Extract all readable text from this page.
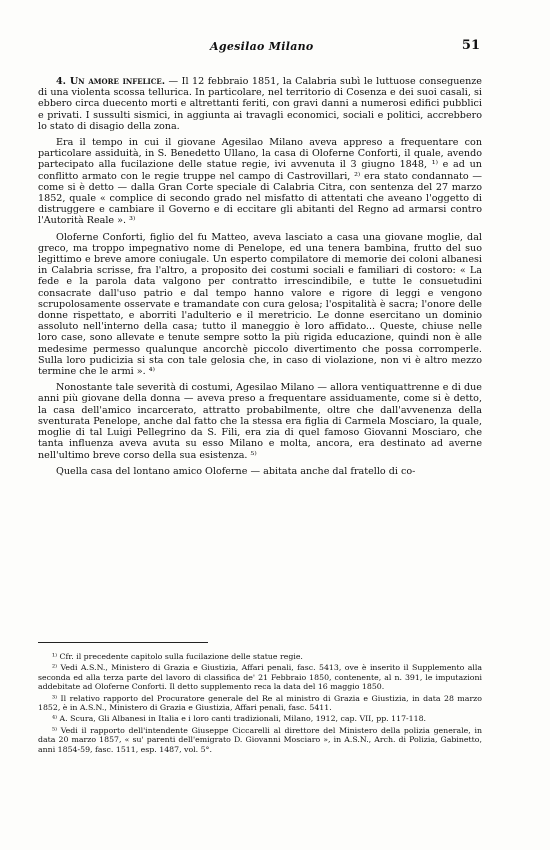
Agesilao Milano	51

4. Un amore infelice. — Il 12 febbraio 1851, la Calabria subì le luttuose conseguenze di una violenta scossa tellurica. In particolare, nel territorio di Cosenza e dei suoi casali, si ebbero circa duecento morti e altrettanti feriti, con gravi danni a numerosi edifici pubblici e privati. I sussulti sismici, in aggiunta ai travagli economici, sociali e politici, accrebbero lo stato di disagio della zona.

Era il tempo in cui il giovane Agesilao Milano aveva appreso a frequentare con particolare assiduità, in S. Benedetto Ullano, la casa di Oloferne Conforti, il quale, avendo partecipato alla fucilazione delle statue regie, ivi avvenuta il 3 giugno 1848, ¹⁾ e ad un conflitto armato con le regie truppe nel campo di Castrovillari, ²⁾ era stato condannato — come si è detto — dalla Gran Corte speciale di Calabria Citra, con sentenza del 27 marzo 1852, quale « complice di secondo grado nel misfatto di attentati che aveano l'oggetto di distruggere e cambiare il Governo e di eccitare gli abitanti del Regno ad armarsi contro l'Autorità Reale ». ³⁾

Oloferne Conforti, figlio del fu Matteo, aveva lasciato a casa una giovane moglie, dal greco, ma troppo impegnativo nome di Penelope, ed una tenera bambina, frutto del suo legittimo e breve amore coniugale. Un esperto compilatore di memorie dei coloni albanesi in Calabria scrisse, fra l'altro, a proposito dei costumi sociali e familiari di costoro: « La fede e la parola data valgono per contratto irrescindibile, e tutte le consuetudini consacrate dall'uso patrio e dal tempo hanno valore e rigore di leggi e vengono scrupolosamente osservate e tramandate con cura gelosa; l'ospitalità è sacra; l'onore delle donne rispettato, e aborriti l'adulterio e il meretricio. Le donne esercitano un dominio assoluto nell'interno della casa; tutto il maneggio è loro affidato... Queste, chiuse nelle loro case, sono allevate e tenute sempre sotto la più rigida educazione, quindi non è alle medesime permesso qualunque ancorchè piccolo divertimento che possa corromperle. Sulla loro pudicizia si sta con tale gelosia che, in caso di violazione, non vi è altro mezzo termine che le armi ». ⁴⁾

Nonostante tale severità di costumi, Agesilao Milano — allora ventiquattrenne e di due anni più giovane della donna — aveva preso a frequentare assiduamente, come si è detto, la casa dell'amico incarcerato, attratto probabilmente, oltre che dall'avvenenza della sventurata Penelope, anche dal fatto che la stessa era figlia di Carmela Mosciaro, la quale, moglie di tal Luigi Pellegrino da S. Fili, era zia di quel famoso Giovanni Mosciaro, che tanta influenza aveva avuta su esso Milano e molta, ancora, era destinato ad averne nell'ultimo breve corso della sua esistenza. ⁵⁾

Quella casa del lontano amico Oloferne — abitata anche dal fratello di co-

¹⁾ Cfr. il precedente capitolo sulla fucilazione delle statue regie.

²⁾ Vedi A.S.N., Ministero di Grazia e Giustizia, Affari penali, fasc. 5413, ove è inserito il Supplemento alla seconda ed alla terza parte del lavoro di classifica de' 21 Febbraio 1850, contenente, al n. 391, le imputazioni addebitate ad Oloferne Conforti. Il detto supplemento reca la data del 16 maggio 1850.

³⁾ Il relativo rapporto del Procuratore generale del Re al ministro di Grazia e Giustizia, in data 28 marzo 1852, è in A.S.N., Ministero di Grazia e Giustizia, Affari penali, fasc. 5411.

⁴⁾ A. Scura, Gli Albanesi in Italia e i loro canti tradizionali, Milano, 1912, cap. VII, pp. 117-118.

⁵⁾ Vedi il rapporto dell'intendente Giuseppe Ciccarelli al direttore del Ministero della polizia generale, in data 20 marzo 1857, « su' parenti dell'emigrato D. Giovanni Mosciaro », in A.S.N., Arch. di Polizia, Gabinetto, anni 1854-59, fasc. 1511, esp. 1487, vol. 5°.
